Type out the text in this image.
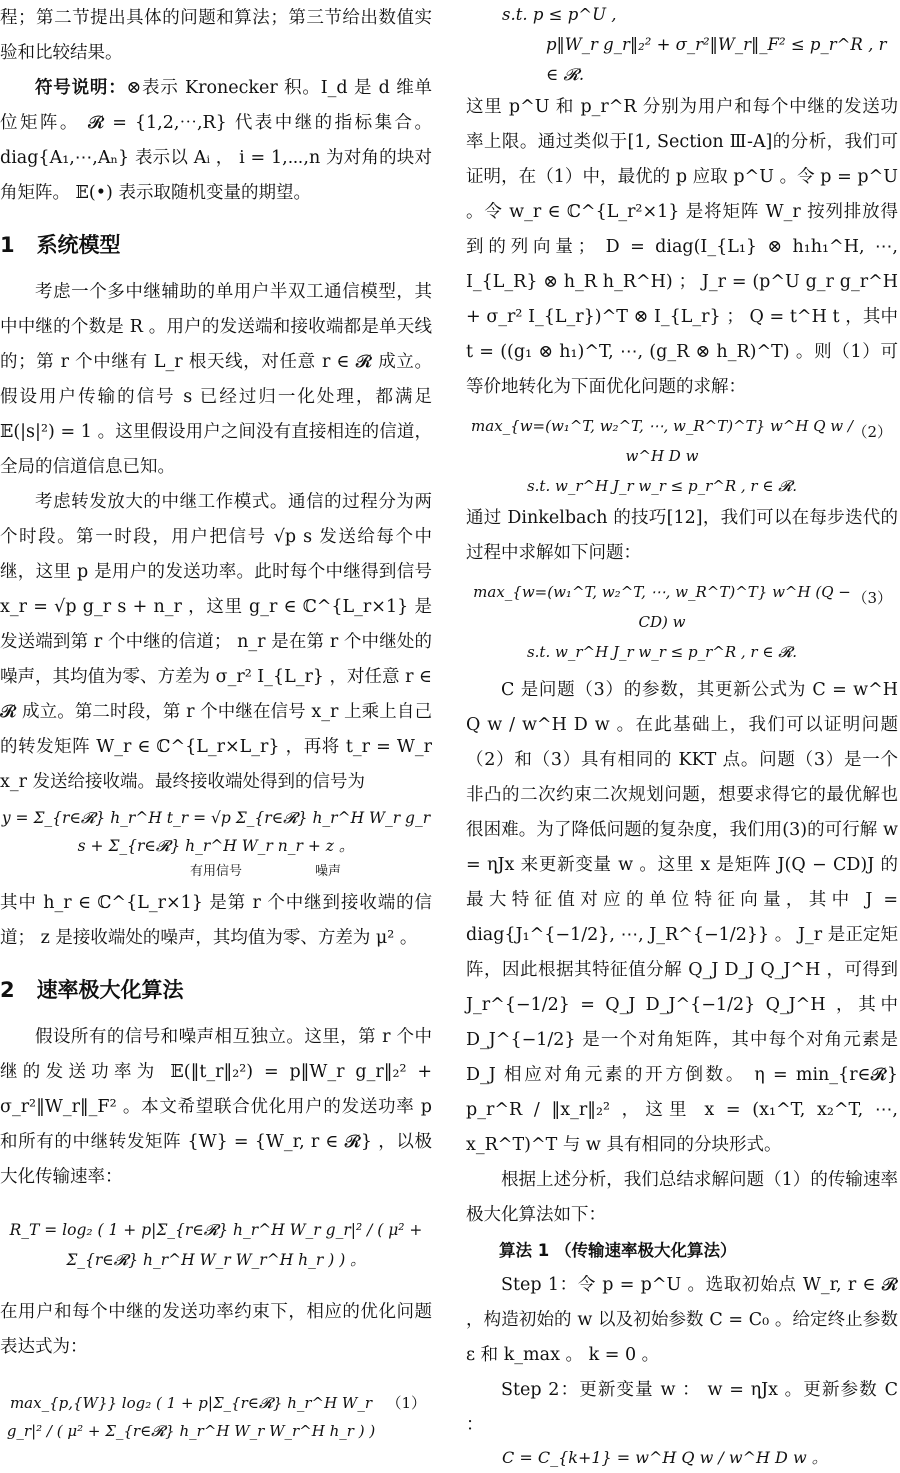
程；第二节提出具体的问题和算法；第三节给出数值实验和比较结果。

符号说明：⊗表示 Kronecker 积。I_d 是 d 维单位矩阵。 𝓡 = {1,2,⋯,R} 代表中继的指标集合。 diag{A₁,⋯,Aₙ} 表示以 Aᵢ ， i = 1,⋯,n 为对角的块对角矩阵。 𝔼(•) 表示取随机变量的期望。

1 系统模型

考虑一个多中继辅助的单用户半双工通信模型，其中中继的个数是 R 。用户的发送端和接收端都是单天线的；第 r 个中继有 L_r 根天线，对任意 r ∈ 𝓡 成立。假设用户传输的信号 s 已经过归一化处理，都满足 𝔼(|s|²) = 1 。这里假设用户之间没有直接相连的信道，全局的信道信息已知。

考虑转发放大的中继工作模式。通信的过程分为两个时段。第一时段，用户把信号 √p s 发送给每个中继，这里 p 是用户的发送功率。此时每个中继得到信号 x_r = √p g_r s + n_r ，这里 g_r ∈ ℂ^{L_r×1} 是发送端到第 r 个中继的信道； n_r 是在第 r 个中继处的噪声，其均值为零、方差为 σ_r² I_{L_r} ，对任意 r ∈ 𝓡 成立。第二时段，第 r 个中继在信号 x_r 上乘上自己的转发矩阵 W_r ∈ ℂ^{L_r×L_r} ，再将 t_r = W_r x_r 发送给接收端。最终接收端处得到的信号为

y = Σ_{r∈𝓡} h_r^H t_r = √p Σ_{r∈𝓡} h_r^H W_r g_r s + Σ_{r∈𝓡} h_r^H W_r n_r + z 。
有用信号	噪声

其中 h_r ∈ ℂ^{L_r×1} 是第 r 个中继到接收端的信道； z 是接收端处的噪声，其均值为零、方差为 μ² 。

2 速率极大化算法

假设所有的信号和噪声相互独立。这里，第 r 个中继的发送功率为 𝔼(‖t_r‖₂²) = p‖W_r g_r‖₂² + σ_r²‖W_r‖_F² 。本文希望联合优化用户的发送功率 p 和所有的中继转发矩阵 {W} = {W_r, r ∈ 𝓡} ，以极大化传输速率：

R_T = log₂ ( 1 + p|Σ_{r∈𝓡} h_r^H W_r g_r|² / ( μ² + Σ_{r∈𝓡} h_r^H W_r W_r^H h_r ) ) 。

在用户和每个中继的发送功率约束下，相应的优化问题表达式为：

max_{p,{W}} log₂ ( 1 + p|Σ_{r∈𝓡} h_r^H W_r g_r|² / ( μ² + Σ_{r∈𝓡} h_r^H W_r W_r^H h_r ) )
（1）
s.t. p ≤ p^U ,
p‖W_r g_r‖₂² + σ_r²‖W_r‖_F² ≤ p_r^R , r ∈ 𝓡.

这里 p^U 和 p_r^R 分别为用户和每个中继的发送功率上限。通过类似于[1, Section Ⅲ-A]的分析，我们可证明，在（1）中，最优的 p 应取 p^U 。令 p = p^U 。令 w_r ∈ ℂ^{L_r²×1} 是将矩阵 W_r 按列排放得到的列向量； D = diag(I_{L₁} ⊗ h₁h₁^H, ⋯, I_{L_R} ⊗ h_R h_R^H) ； J_r = (p^U g_r g_r^H + σ_r² I_{L_r})^T ⊗ I_{L_r} ； Q = t^H t ，其中 t = ((g₁ ⊗ h₁)^T, ⋯, (g_R ⊗ h_R)^T) 。则（1）可等价地转化为下面优化问题的求解：

max_{w=(w₁^T, w₂^T, ⋯, w_R^T)^T} w^H Q w / w^H D w
s.t. w_r^H J_r w_r ≤ p_r^R , r ∈ 𝓡.
（2）

通过 Dinkelbach 的技巧[12]，我们可以在每步迭代的过程中求解如下问题：

max_{w=(w₁^T, w₂^T, ⋯, w_R^T)^T} w^H (Q − CD) w
s.t. w_r^H J_r w_r ≤ p_r^R , r ∈ 𝓡.
（3）

C 是问题（3）的参数，其更新公式为 C = w^H Q w / w^H D w 。在此基础上，我们可以证明问题（2）和（3）具有相同的 KKT 点。问题（3）是一个非凸的二次约束二次规划问题，想要求得它的最优解也很困难。为了降低问题的复杂度，我们用(3)的可行解 w = ηJx 来更新变量 w 。这里 x 是矩阵 J(Q − CD)J 的最大特征值对应的单位特征向量，其中 J = diag{J₁^{−1/2}, ⋯, J_R^{−1/2}} 。 J_r 是正定矩阵，因此根据其特征值分解 Q_J D_J Q_J^H ，可得到 J_r^{−1/2} = Q_J D_J^{−1/2} Q_J^H ，其中 D_J^{−1/2} 是一个对角矩阵，其中每个对角元素是 D_J 相应对角元素的开方倒数。 η = min_{r∈𝓡} p_r^R / ‖x_r‖₂² ，这里 x = (x₁^T, x₂^T, ⋯, x_R^T)^T 与 w 具有相同的分块形式。

根据上述分析，我们总结求解问题（1）的传输速率极大化算法如下：

算法 1 （传输速率极大化算法）

Step 1：令 p = p^U 。选取初始点 W_r, r ∈ 𝓡 ，构造初始的 w 以及初始参数 C = C₀ 。给定终止参数 ε 和 k_max 。 k = 0 。

Step 2：更新变量 w ： w = ηJx 。更新参数 C ：

C = C_{k+1} = w^H Q w / w^H D w 。
